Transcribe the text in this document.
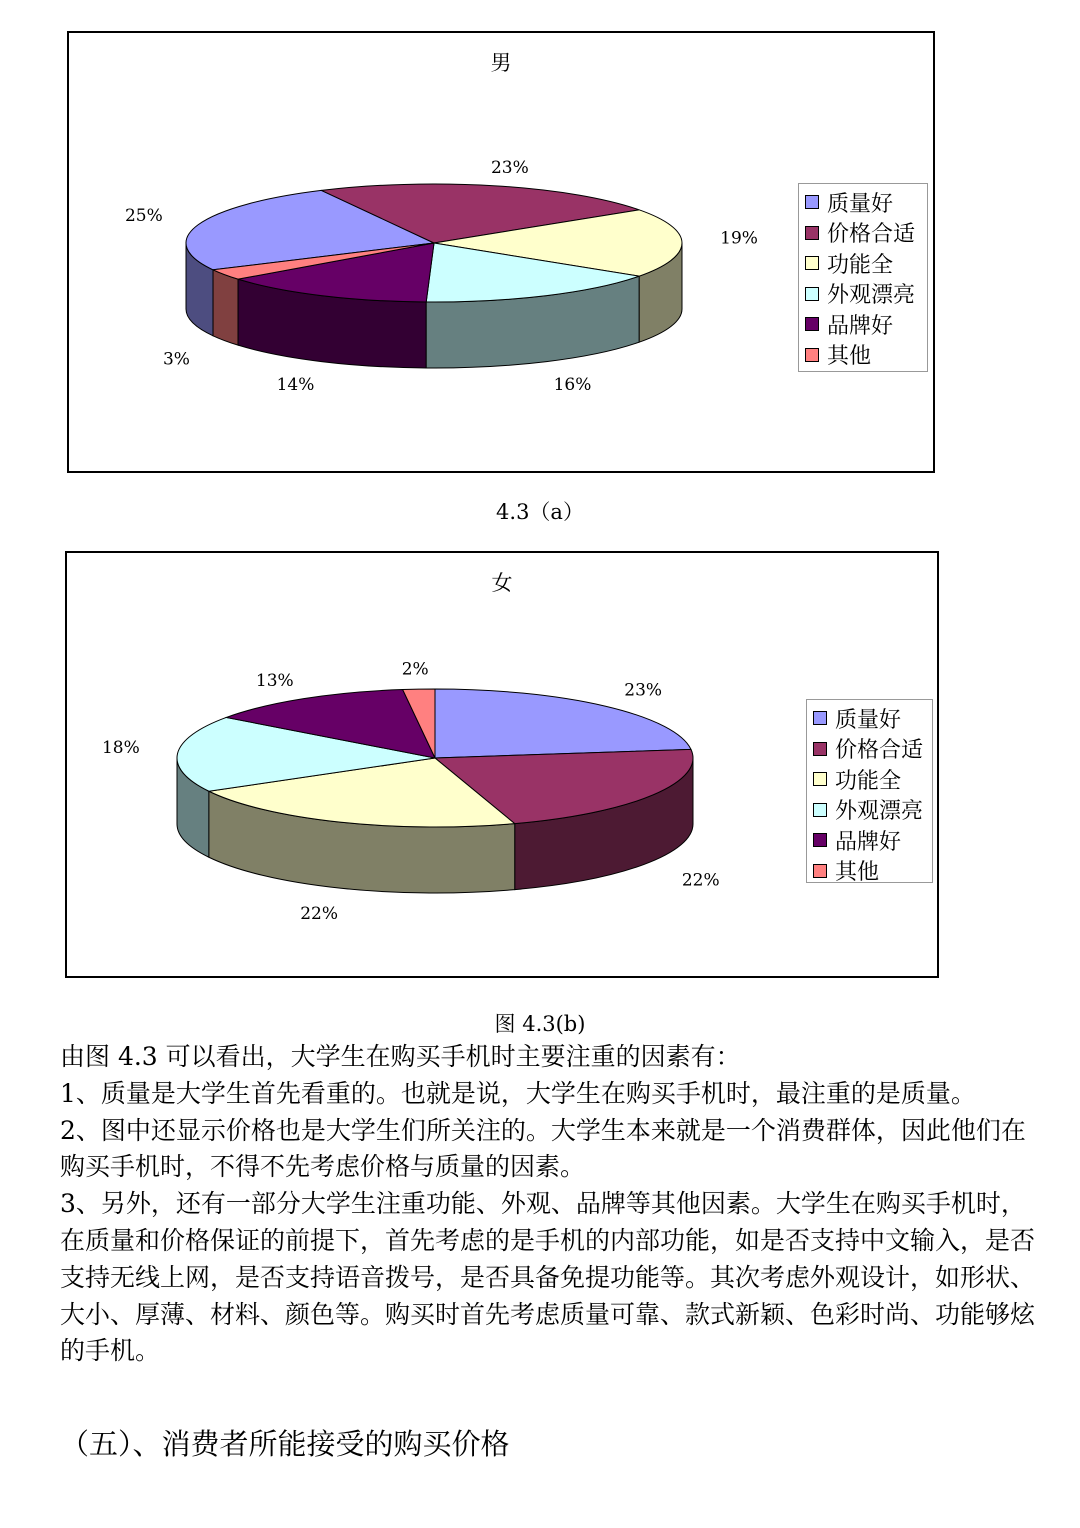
男
25%
23%
19%
16%
14%
3%
质量好
价格合适
功能全
外观漂亮
品牌好
其他
4.3（a）
女
23%
22%
22%
18%
13%
2%
质量好
价格合适
功能全
外观漂亮
品牌好
其他
图 4.3(b)

由图 4.3 可以看出，大学生在购买手机时主要注重的因素有：

1、质量是大学生首先看重的。也就是说，大学生在购买手机时，最注重的是质量。

2、图中还显示价格也是大学生们所关注的。大学生本来就是一个消费群体，因此他们在购买手机时，不得不先考虑价格与质量的因素。

3、另外，还有一部分大学生注重功能、外观、品牌等其他因素。大学生在购买手机时，在质量和价格保证的前提下，首先考虑的是手机的内部功能，如是否支持中文输入，是否支持无线上网，是否支持语音拨号，是否具备免提功能等。其次考虑外观设计，如形状、大小、厚薄、材料、颜色等。购买时首先考虑质量可靠、款式新颖、色彩时尚、功能够炫的手机。

（五）、消费者所能接受的购买价格
